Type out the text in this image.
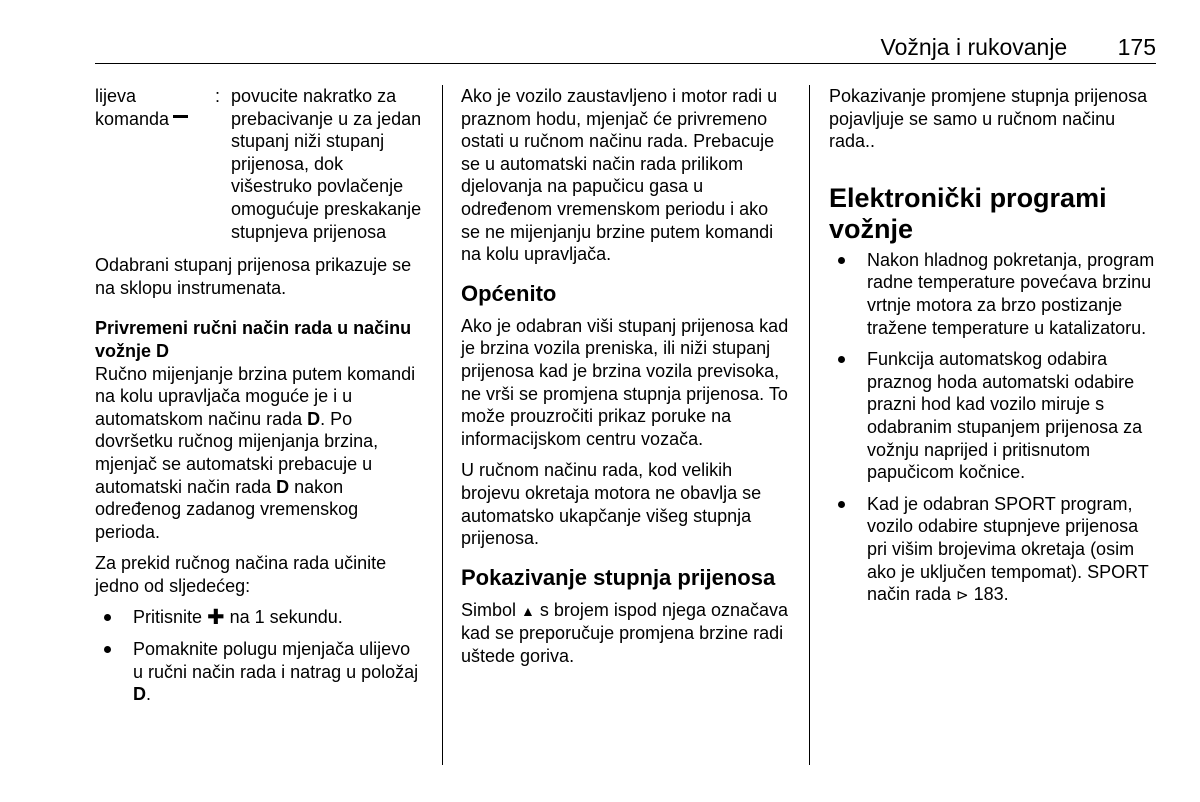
Vožnja i rukovanje 175
lijeva
komanda
: povucite nakratko za prebacivanje u za jedan stupanj niži stupanj prijenosa, dok višestruko povlačenje omogućuje preskakanje stupnjeva prijenosa

Odabrani stupanj prijenosa prikazuje se na sklopu instrumenata.

Privremeni ručni način rada u načinu vožnje D

Ručno mijenjanje brzina putem komandi na kolu upravljača moguće je i u automatskom načinu rada D. Po dovršetku ručnog mijenjanja brzina, mjenjač se automatski prebacuje u automatski način rada D nakon određenog zadanog vremenskog perioda.

Za prekid ručnog načina rada učinite jedno od sljedećeg:

Pritisnite ✚ na 1 sekundu.
Pomaknite polugu mjenjača ulijevo u ručni način rada i natrag u položaj D.

Ako je vozilo zaustavljeno i motor radi u praznom hodu, mjenjač će privremeno ostati u ručnom načinu rada. Prebacuje se u automatski način rada prilikom djelovanja na papučicu gasa u određenom vremenskom periodu i ako se ne mijenjanju brzine putem komandi na kolu upravljača.

Općenito

Ako je odabran viši stupanj prijenosa kad je brzina vozila preniska, ili niži stupanj prijenosa kad je brzina vozila previsoka, ne vrši se promjena stupnja prijenosa. To može prouzročiti prikaz poruke na informacijskom centru vozača.

U ručnom načinu rada, kod velikih brojevu okretaja motora ne obavlja se automatsko ukapčanje višeg stupnja prijenosa.

Pokazivanje stupnja prijenosa

Simbol ▲ s brojem ispod njega označava kad se preporučuje promjena brzine radi uštede goriva.

Pokazivanje promjene stupnja prijenosa pojavljuje se samo u ručnom načinu rada..

Elektronički programi vožnje
Nakon hladnog pokretanja, program radne temperature povećava brzinu vrtnje motora za brzo postizanje tražene temperature u katalizatoru.
Funkcija automatskog odabira praznog hoda automatski odabire prazni hod kad vozilo miruje s odabranim stupanjem prijenosa za vožnju naprijed i pritisnutom papučicom kočnice.
Kad je odabran SPORT program, vozilo odabire stupnjeve prijenosa pri višim brojevima okretaja (osim ako je uključen tempomat). SPORT način rada ⊳ 183.
